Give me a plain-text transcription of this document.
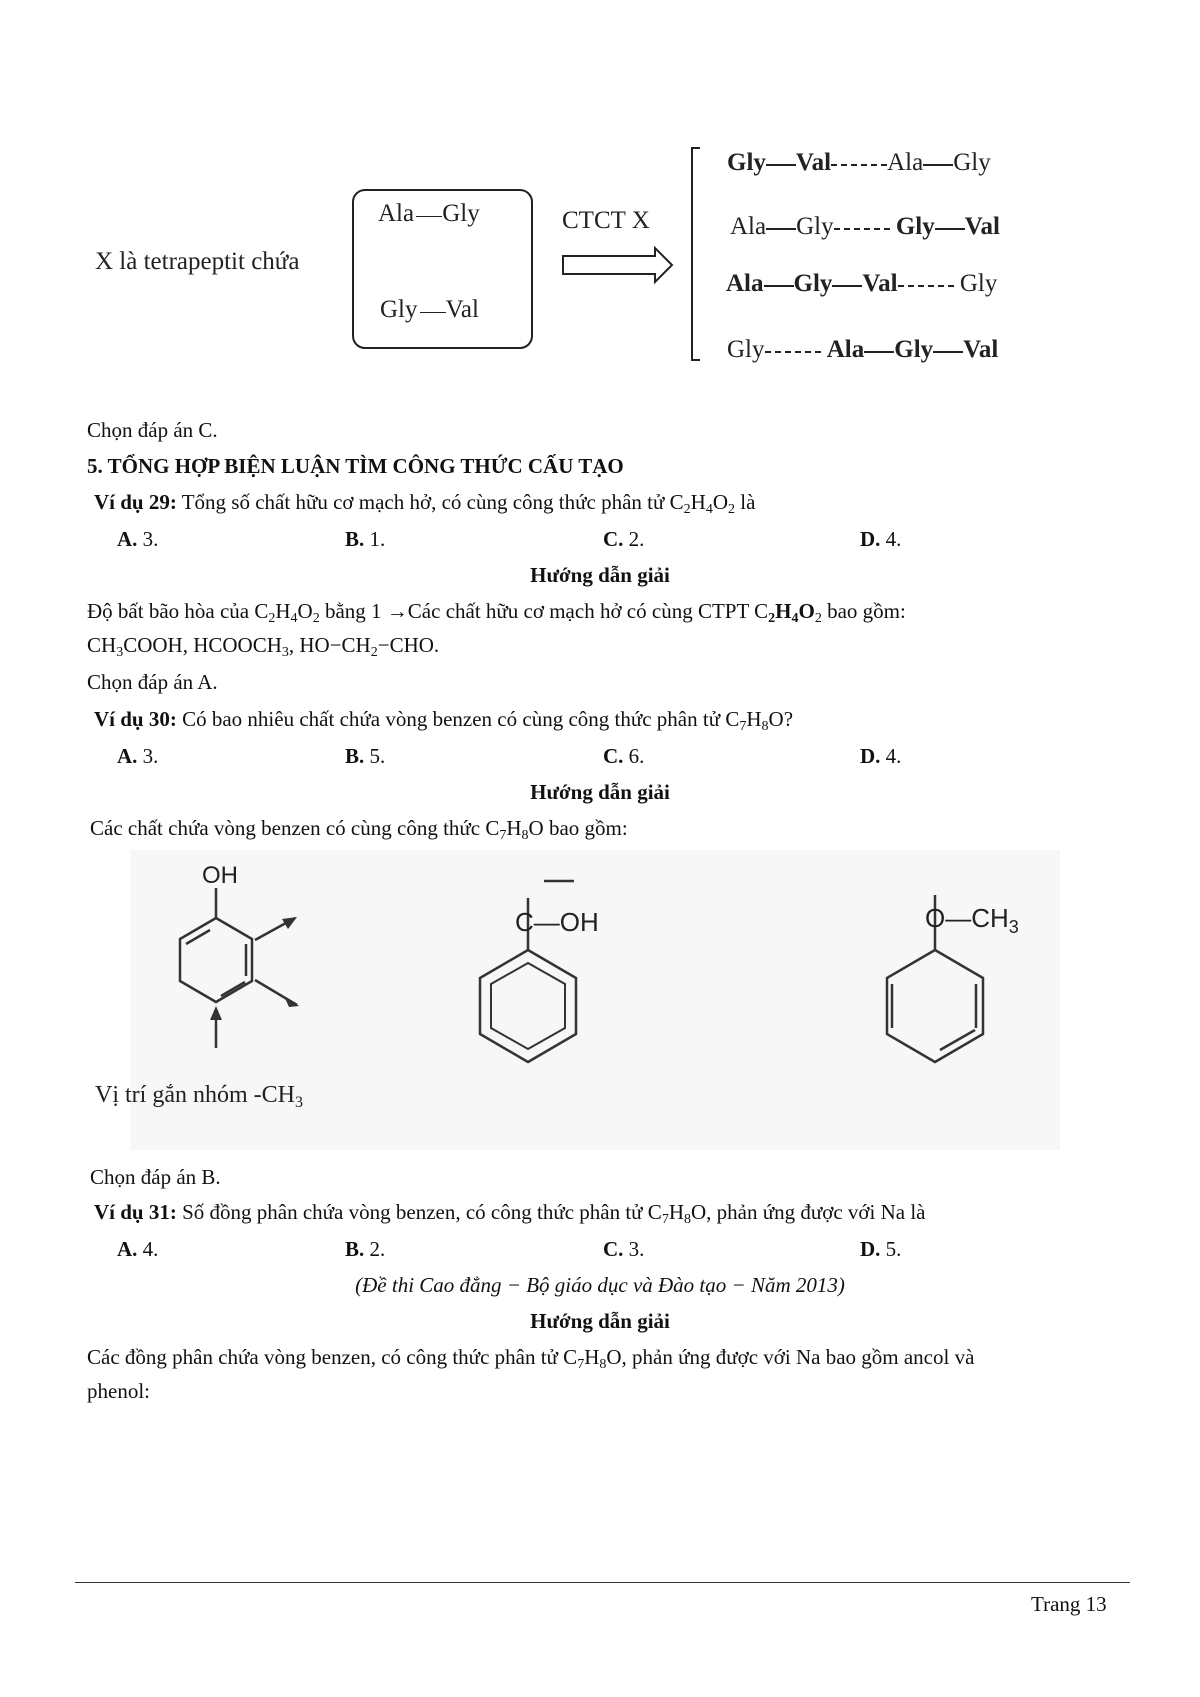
X là tetrapeptit chứa
Ala  Gly
Gly  Val
CTCT X
Gly Val Ala Gly
Ala Gly Gly Val
Ala Gly Val Gly
Gly Ala Gly Val
Chọn đáp án C.
5. TỔNG HỢP BIỆN LUẬN TÌM CÔNG THỨC CẤU TẠO
Ví dụ 29: Tổng số chất hữu cơ mạch hở, có cùng công thức phân tử $C_2H_4O_2$ là
A. 3.	B. 1.	C. 2.	D. 4.
Hướng dẫn giải
Độ bất bão hòa của $C_2H_4O_2$ bằng 1 →Các chất hữu cơ mạch hở có cùng CTPT $C_2H_4O_2$ bao gồm:
$CH_3COOH$, $HCOOCH_3$, $HO-CH_2-CHO$.
Chọn đáp án A.
Ví dụ 30: Có bao nhiêu chất chứa vòng benzen có cùng công thức phân tử $C_7H_8O$?
A. 3.	B. 5.	C. 6.	D. 4.
Hướng dẫn giải
Các chất chứa vòng benzen có cùng công thức $C_7H_8O$ bao gồm:
OH
C—OH	$O—CH_3$
Vị trí gắn nhóm $-CH_3$
Chọn đáp án B.
Ví dụ 31: Số đồng phân chứa vòng benzen, có công thức phân tử $C_7H_8O$, phản ứng được với Na là
A. 4.	B. 2.	C. 3.	D. 5.
(Đề thi Cao đẳng − Bộ giáo dục và Đào tạo − Năm 2013)
Hướng dẫn giải
Các đồng phân chứa vòng benzen, có công thức phân tử $C_7H_8O$, phản ứng được với Na bao gồm ancol và
phenol:
Trang 13
